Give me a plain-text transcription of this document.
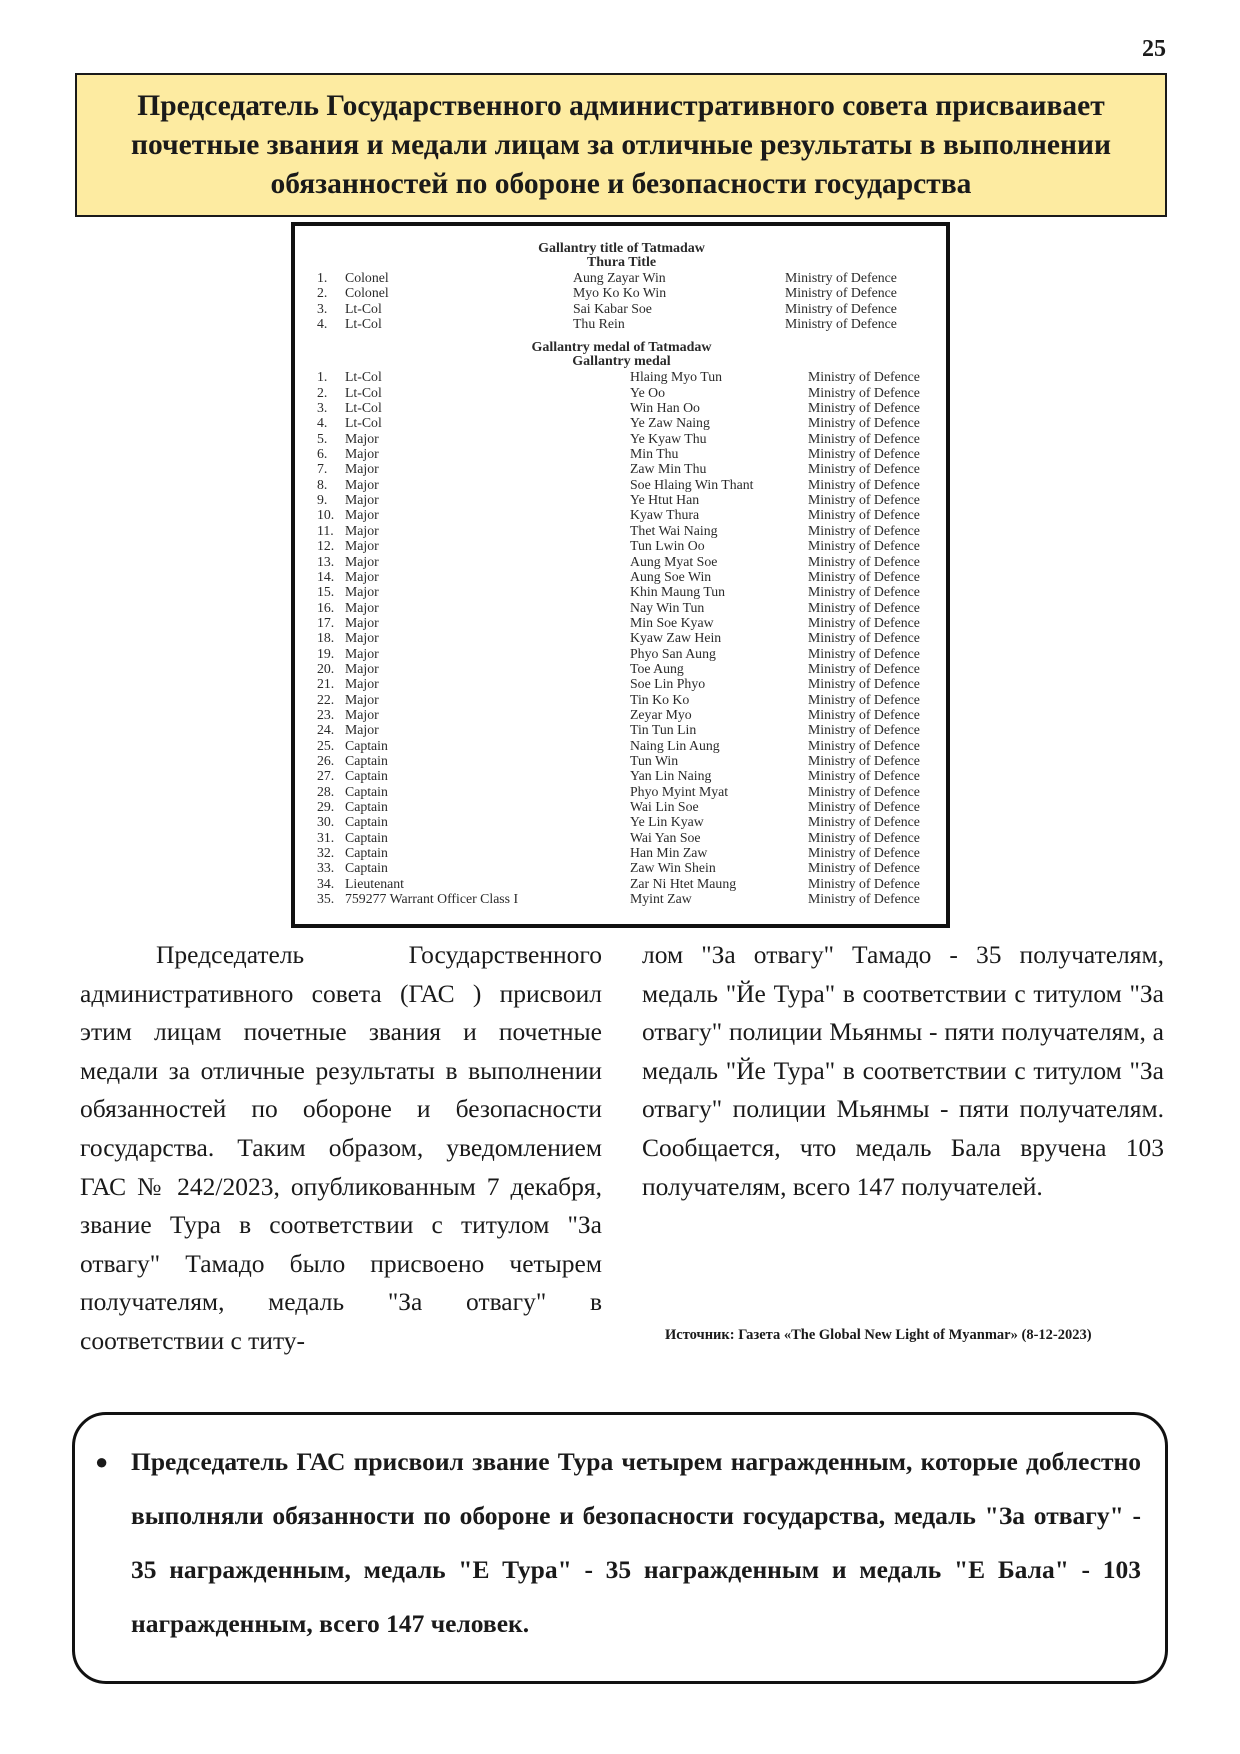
25
Председатель Государственного административного совета присваивает почетные звания и медали лицам за отличные результаты в выполнении обязанностей по обороне и безопасности государства
Gallantry title of Tatmadaw
Thura Title
1.	Colonel	Aung Zayar Win	Ministry of Defence
2.	Colonel	Myo Ko Ko Win	Ministry of Defence
3.	Lt-Col	Sai Kabar Soe	Ministry of Defence
4.	Lt-Col	Thu Rein	Ministry of Defence
Gallantry medal of Tatmadaw
Gallantry medal
1.	Lt-Col	Hlaing Myo Tun	Ministry of Defence
2.	Lt-Col	Ye Oo	Ministry of Defence
3.	Lt-Col	Win Han Oo	Ministry of Defence
4.	Lt-Col	Ye Zaw Naing	Ministry of Defence
5.	Major	Ye Kyaw Thu	Ministry of Defence
6.	Major	Min Thu	Ministry of Defence
7.	Major	Zaw Min Thu	Ministry of Defence
8.	Major	Soe Hlaing Win Thant	Ministry of Defence
9.	Major	Ye Htut Han	Ministry of Defence
10. Major	Kyaw Thura	Ministry of Defence
11. Major	Thet Wai Naing	Ministry of Defence
12. Major	Tun Lwin Oo	Ministry of Defence
13. Major	Aung Myat Soe	Ministry of Defence
14. Major	Aung Soe Win	Ministry of Defence
15. Major	Khin Maung Tun	Ministry of Defence
16. Major	Nay Win Tun	Ministry of Defence
17. Major	Min Soe Kyaw	Ministry of Defence
18. Major	Kyaw Zaw Hein	Ministry of Defence
19. Major	Phyo San Aung	Ministry of Defence
20. Major	Toe Aung	Ministry of Defence
21. Major	Soe Lin Phyo	Ministry of Defence
22. Major	Tin Ko Ko	Ministry of Defence
23. Major	Zeyar Myo	Ministry of Defence
24. Major	Tin Tun Lin	Ministry of Defence
25. Captain	Naing Lin Aung	Ministry of Defence
26. Captain	Tun Win	Ministry of Defence
27. Captain	Yan Lin Naing	Ministry of Defence
28. Captain	Phyo Myint Myat	Ministry of Defence
29. Captain	Wai Lin Soe	Ministry of Defence
30. Captain	Ye Lin Kyaw	Ministry of Defence
31. Captain	Wai Yan Soe	Ministry of Defence
32. Captain	Han Min Zaw	Ministry of Defence
33. Captain	Zaw Win Shein	Ministry of Defence
34. Lieutenant	Zar Ni Htet Maung	Ministry of Defence
35. 759277 Warrant Officer Class I	Myint Zaw	Ministry of Defence

Председатель Государственного административного совета (ГАС ) присвоил этим лицам почетные звания и почетные медали за отличные результаты в выполнении обязанностей по обороне и безопасности государства. Таким образом, уведомлением ГАС № 242/2023, опубликованным 7 декабря, звание Тура в соответствии с титулом "За отвагу" Тамадо было присвоено четырем получателям, медаль "За отвагу" в соответствии с титу-

лом "За отвагу" Тамадо - 35 получателям, медаль "Йе Тура" в соответствии с титулом "За отвагу" полиции Мьянмы - пяти получателям, а медаль "Йе Тура" в соответствии с титулом "За отвагу" полиции Мьянмы - пяти получателям. Сообщается, что медаль Бала вручена 103 получателям, всего 147 получателей.

Источник: Газета «The Global New Light of Myanmar» (8-12-2023)
● Председатель ГАС присвоил звание Тура четырем награжденным, которые доблестно выполняли обязанности по обороне и безопасности государства, медаль "За отвагу" - 35 награжденным, медаль "Е Тура" - 35 награжденным и медаль "Е Бала" - 103 награжденным, всего 147 человек.
